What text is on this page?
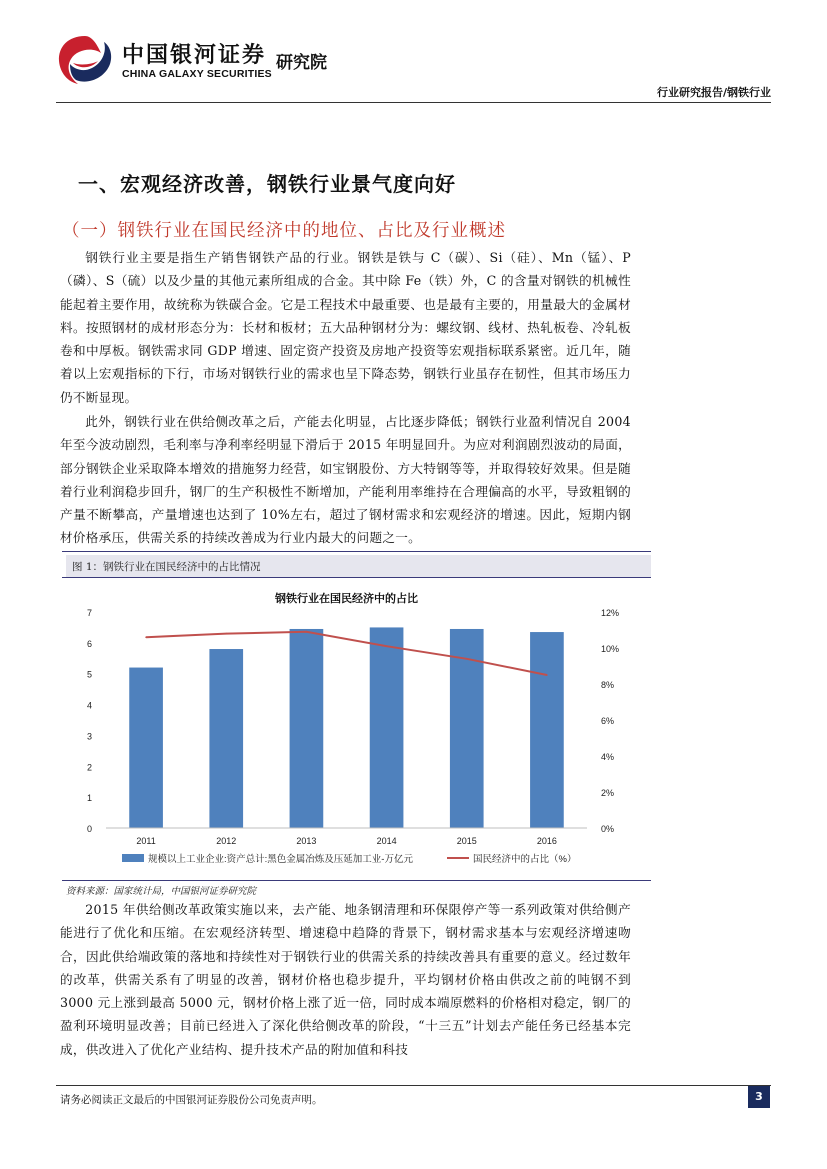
中国银河证券
CHINA GALAXY SECURITIES
研究院
行业研究报告/钢铁行业
一、宏观经济改善，钢铁行业景气度向好
（一）钢铁行业在国民经济中的地位、占比及行业概述
钢铁行业主要是指生产销售钢铁产品的行业。钢铁是铁与 C（碳）、Si（硅）、Mn（锰）、P（磷）、S（硫）以及少量的其他元素所组成的合金。其中除 Fe（铁）外，C 的含量对钢铁的机械性能起着主要作用，故统称为铁碳合金。它是工程技术中最重要、也是最有主要的，用量最大的金属材料。按照钢材的成材形态分为：长材和板材；五大品种钢材分为：螺纹钢、线材、热轧板卷、冷轧板卷和中厚板。钢铁需求同 GDP 增速、固定资产投资及房地产投资等宏观指标联系紧密。近几年，随着以上宏观指标的下行，市场对钢铁行业的需求也呈下降态势，钢铁行业虽存在韧性，但其市场压力仍不断显现。
此外，钢铁行业在供给侧改革之后，产能去化明显，占比逐步降低；钢铁行业盈利情况自 2004 年至今波动剧烈，毛利率与净利率经明显下滑后于 2015 年明显回升。为应对利润剧烈波动的局面，部分钢铁企业采取降本增效的措施努力经营，如宝钢股份、方大特钢等等，并取得较好效果。但是随着行业利润稳步回升，钢厂的生产积极性不断增加，产能利用率维持在合理偏高的水平，导致粗钢的产量不断攀高，产量增速也达到了 10%左右，超过了钢材需求和宏观经济的增速。因此，短期内钢材价格承压，供需关系的持续改善成为行业内最大的问题之一。
图 1：钢铁行业在国民经济中的占比情况
钢铁行业在国民经济中的占比
0
1
2
3
4
5
6
7
0%
2%
4%
6%
8%
10%
12%
2011	2012	2013	2014	2015	2016
规模以上工业企业:资产总计:黑色金属冶炼及压延加工业-万亿元	国民经济中的占比（%）
资料来源：国家统计局，中国银河证券研究院
2015 年供给侧改革政策实施以来，去产能、地条钢清理和环保限停产等一系列政策对供给侧产能进行了优化和压缩。在宏观经济转型、增速稳中趋降的背景下，钢材需求基本与宏观经济增速吻合，因此供给端政策的落地和持续性对于钢铁行业的供需关系的持续改善具有重要的意义。经过数年的改革，供需关系有了明显的改善，钢材价格也稳步提升，平均钢材价格由供改之前的吨钢不到 3000 元上涨到最高 5000 元，钢材价格上涨了近一倍，同时成本端原燃料的价格相对稳定，钢厂的盈利环境明显改善；目前已经进入了深化供给侧改革的阶段，“十三五”计划去产能任务已经基本完成，供改进入了优化产业结构、提升技术产品的附加值和科技
请务必阅读正文最后的中国银河证券股份公司免责声明。	3
